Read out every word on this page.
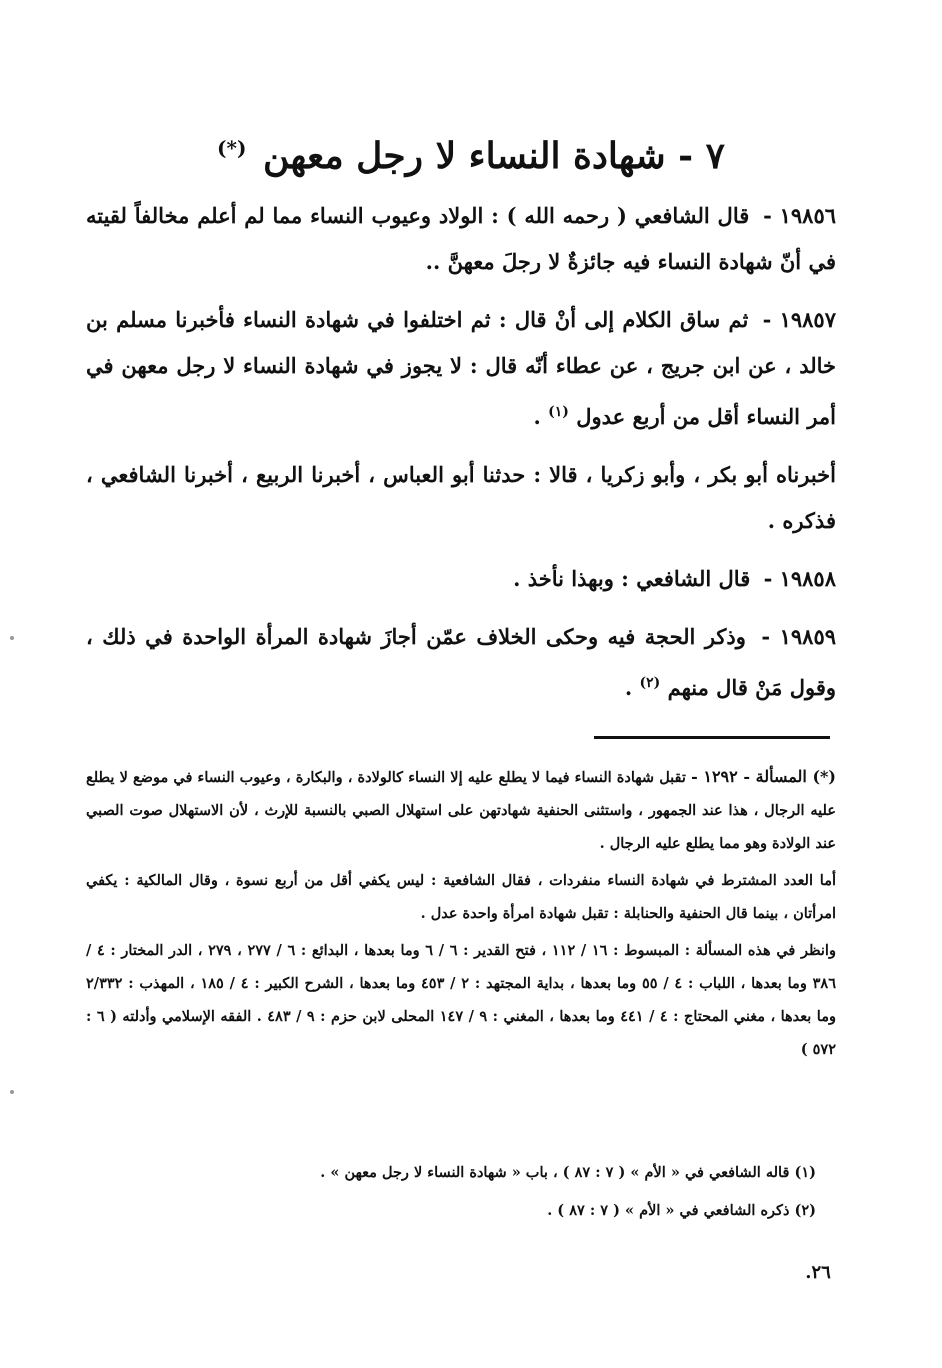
٧ - شهادة النساء لا رجل معهن (*)

١٩٨٥٦ - قال الشافعي ( رحمه الله ) : الولاد وعيوب النساء مما لم أعلم مخالفاً لقيته في أنّ شهادة النساء فيه جائزةٌ لا رجلَ معهنَّ ..

١٩٨٥٧ - ثم ساق الكلام إلى أنْ قال : ثم اختلفوا في شهادة النساء فأخبرنا مسلم بن خالد ، عن ابن جريج ، عن عطاء أنّه قال : لا يجوز في شهادة النساء لا رجل معهن في أمر النساء أقل من أربع عدول $^{(١)}$ .

أخبرناه أبو بكر ، وأبو زكريا ، قالا : حدثنا أبو العباس ، أخبرنا الربيع ، أخبرنا الشافعي ، فذكره .

١٩٨٥٨ - قال الشافعي : وبهذا نأخذ .

١٩٨٥٩ - وذكر الحجة فيه وحكى الخلاف عمّن أجازَ شهادة المرأة الواحدة في ذلك ، وقول مَنْ قال منهم $^{(٢)}$ .

(*) المسألة - ١٢٩٢ - تقبل شهادة النساء فيما لا يطلع عليه إلا النساء كالولادة ، والبكارة ، وعيوب النساء في موضع لا يطلع عليه الرجال ، هذا عند الجمهور ، واستثنى الحنفية شهادتهن على استهلال الصبي بالنسبة للإرث ، لأن الاستهلال صوت الصبي عند الولادة وهو مما يطلع عليه الرجال .

أما العدد المشترط في شهادة النساء منفردات ، فقال الشافعية : ليس يكفي أقل من أربع نسوة ، وقال المالكية : يكفي امرأتان ، بينما قال الحنفية والحنابلة : تقبل شهادة امرأة واحدة عدل .

وانظر في هذه المسألة : المبسوط : ١٦ / ١١٢ ، فتح القدير : ٦ / ٦ وما بعدها ، البدائع : ٦ / ٢٧٧ ، ٢٧٩ ، الدر المختار : ٤ / ٣٨٦ وما بعدها ، اللباب : ٤ / ٥٥ وما بعدها ، بداية المجتهد : ٢ / ٤٥٣ وما بعدها ، الشرح الكبير : ٤ / ١٨٥ ، المهذب : ٢/٣٣٢ وما بعدها ، مغني المحتاج : ٤ / ٤٤١ وما بعدها ، المغني : ٩ / ١٤٧ المحلى لابن حزم : ٩ / ٤٨٣ . الفقه الإسلامي وأدلته ( ٦ : ٥٧٢ )

(١) قاله الشافعي في « الأم » ( ٧ : ٨٧ ) ، باب « شهادة النساء لا رجل معهن » .

(٢) ذكره الشافعي في « الأم » ( ٧ : ٨٧ ) .

٢٦.
